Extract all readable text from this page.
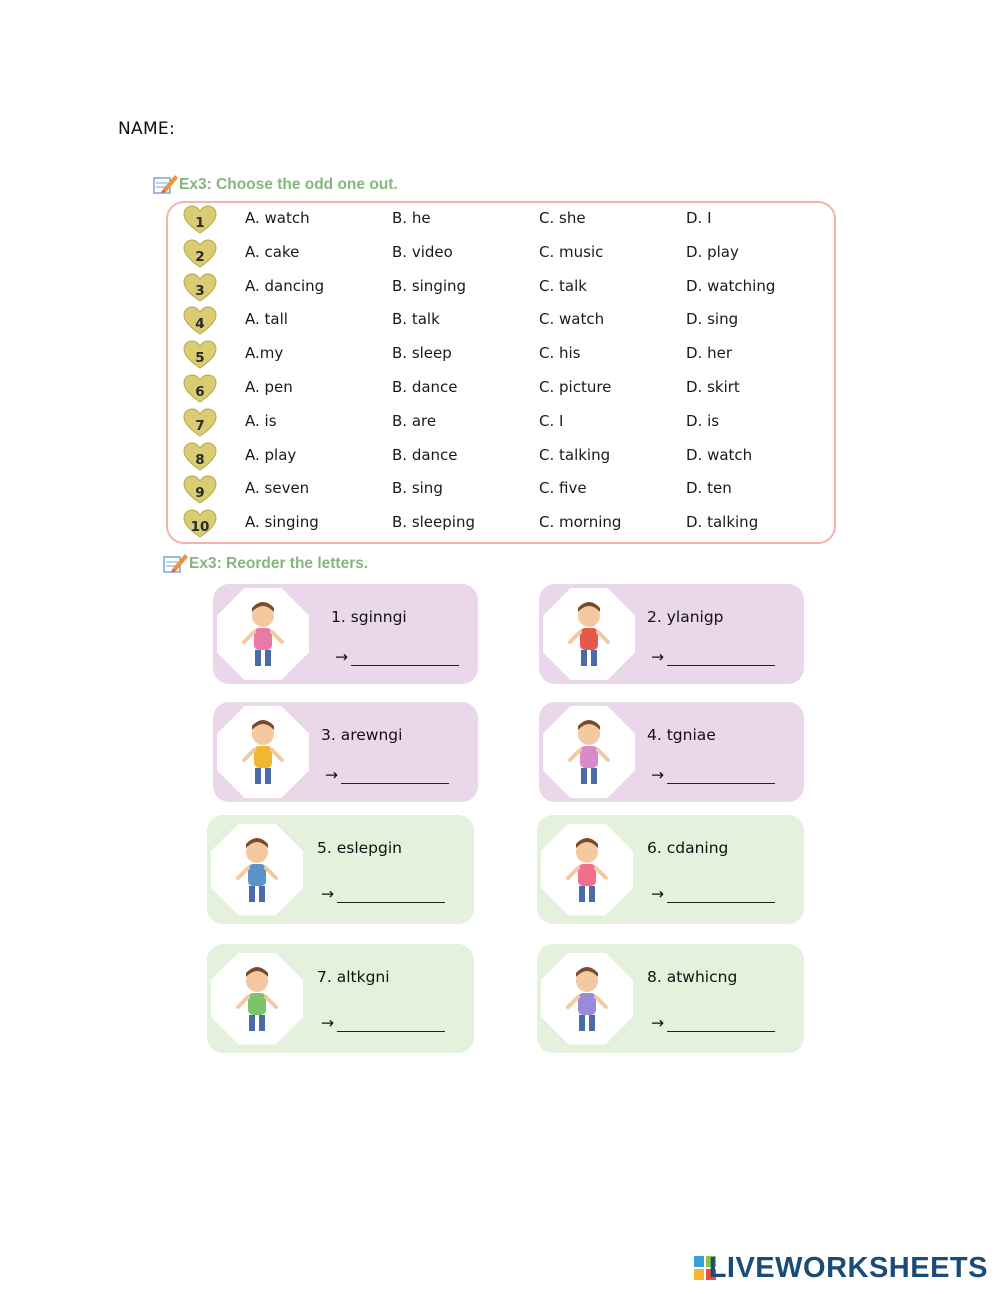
NAME:
Ex3: Choose the odd one out.
1	A. watch	B. he	C. she	D. I
2	A. cake	B. video	C. music	D. play
3	A. dancing	B. singing	C. talk	D. watching
4	A. tall	B. talk	C. watch	D. sing
5	A.my	B. sleep	C. his	D. her
6	A. pen	B. dance	C. picture	D. skirt
7	A. is	B. are	C. I	D. is
8	A. play	B. dance	C. talking	D. watch
9	A. seven	B. sing	C. five	D. ten
10	A. singing	B. sleeping	C. morning	D. talking
Ex3: Reorder the letters.
1. sginngi
→
2. ylanigp
→
3. arewngi
→
4. tgniae
→
5. eslepgin
→
6. cdaning
→
7. altkgni
→
8. atwhicng
→
LIVEWORKSHEETS
